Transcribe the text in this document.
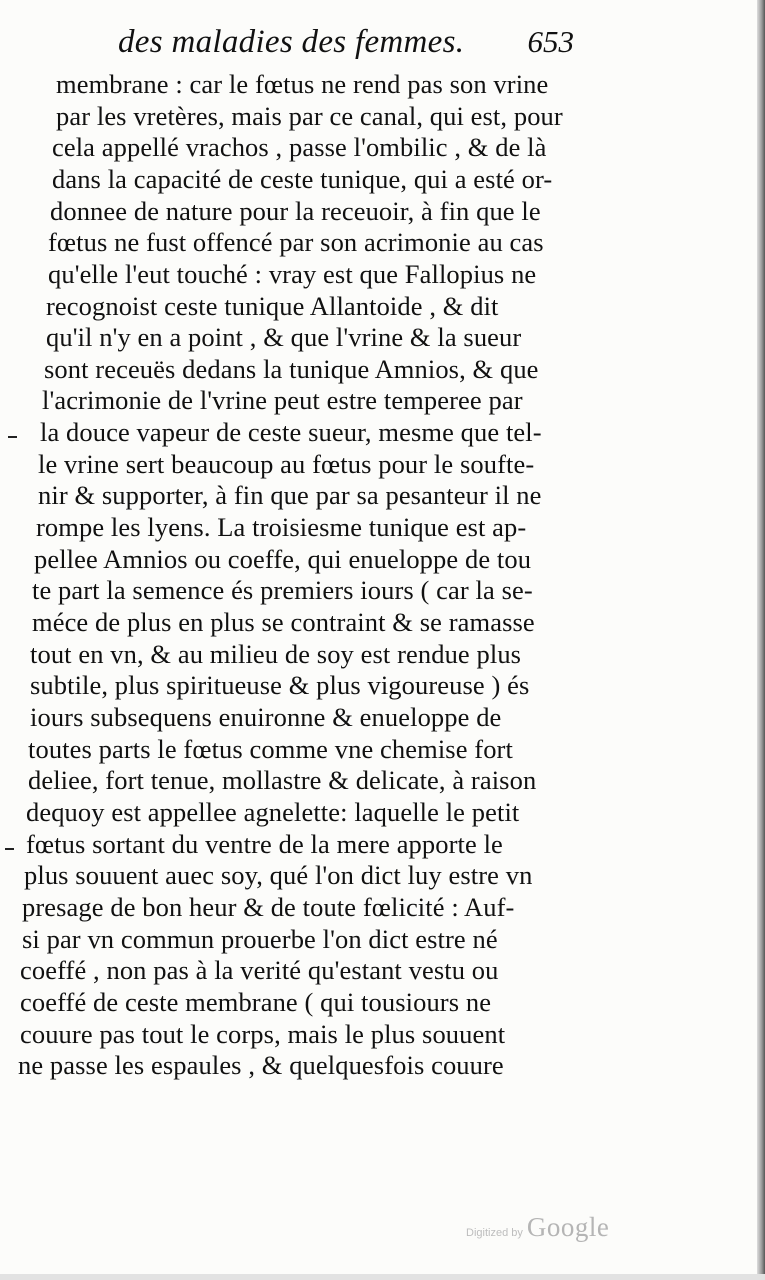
des maladies des femmes. 653
membrane : car le fœtus ne rend pas son vrine
par les vretères, mais par ce canal, qui est, pour
cela appellé vrachos , passe l'ombilic , & de là
dans la capacité de ceste tunique, qui a esté or-
donnee de nature pour la receuoir, à fin que le
fœtus ne fust offencé par son acrimonie au cas
qu'elle l'eut touché : vray est que Fallopius ne
recognoist ceste tunique Allantoide , & dit
qu'il n'y en a point , & que l'vrine & la sueur
sont receuës dedans la tunique Amnios, & que
l'acrimonie de l'vrine peut estre temperee par
la douce vapeur de ceste sueur, mesme que tel-
le vrine sert beaucoup au fœtus pour le soufte-
nir & supporter, à fin que par sa pesanteur il ne
rompe les lyens. La troisiesme tunique est ap-
pellee Amnios ou coeffe, qui enueloppe de tou
te part la semence és premiers iours ( car la se-
méce de plus en plus se contraint & se ramasse
tout en vn, & au milieu de soy est rendue plus
subtile, plus spiritueuse & plus vigoureuse ) és
iours subsequens enuironne & enueloppe de
toutes parts le fœtus comme vne chemise fort
deliee, fort tenue, mollastre & delicate, à raison
dequoy est appellee agnelette: laquelle le petit
fœtus sortant du ventre de la mere apporte le
plus souuent auec soy, qué l'on dict luy estre vn
presage de bon heur & de toute fœlicité : Auf-
si par vn commun prouerbe l'on dict estre né
coeffé , non pas à la verité qu'estant vestu ou
coeffé de ceste membrane ( qui tousiours ne
couure pas tout le corps, mais le plus souuent
ne passe les espaules , & quelquesfois couure
Digitized by Google
